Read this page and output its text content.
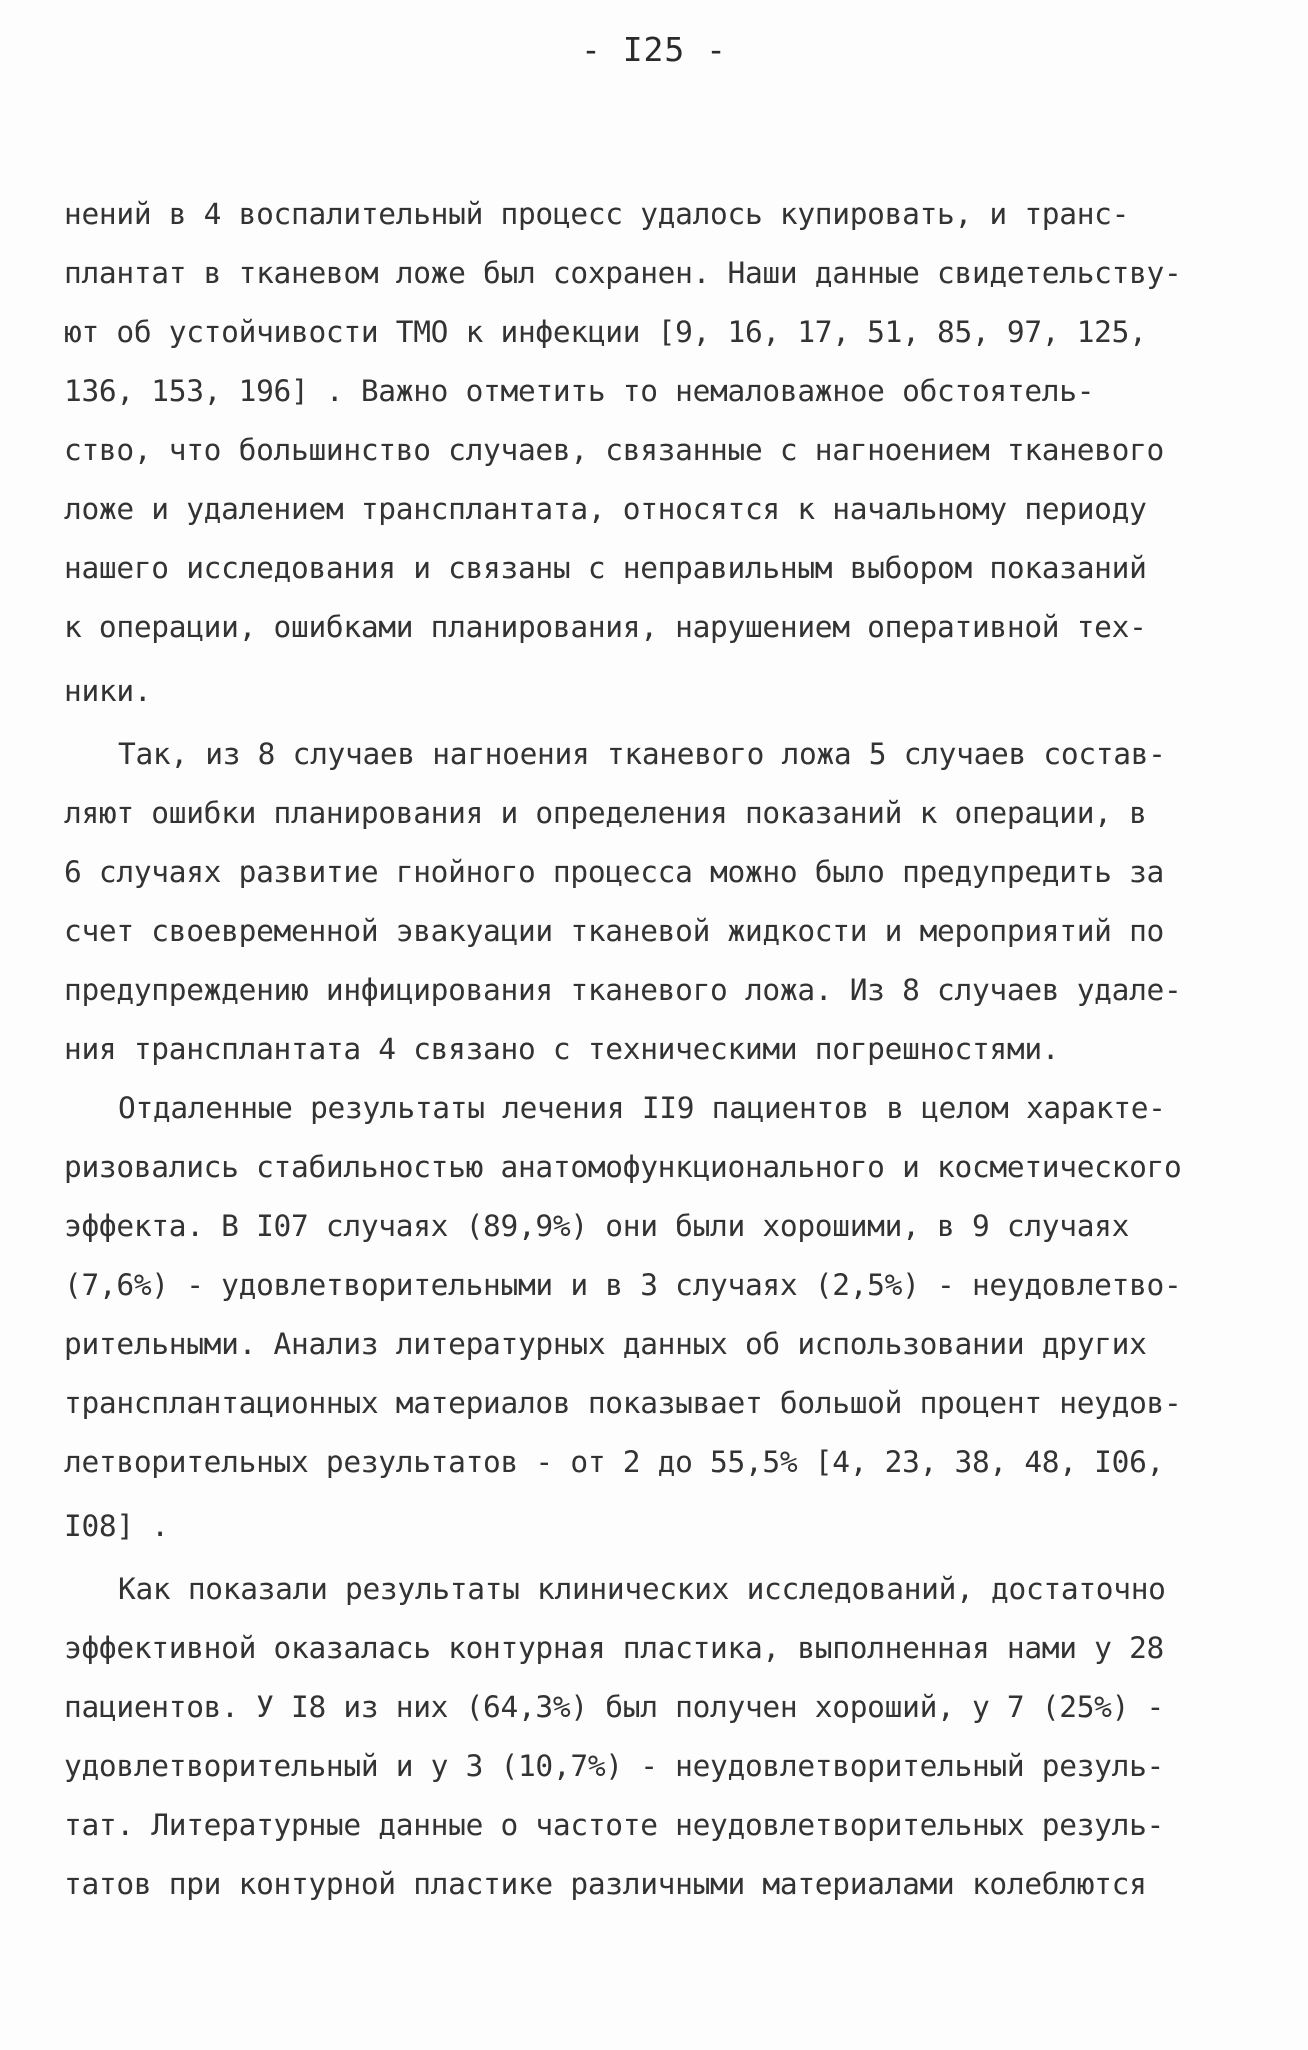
- I25 -
нений в 4 воспалительный процесс удалось купировать, и транс-
плантат в тканевом ложе был сохранен. Наши данные свидетельству-
ют об устойчивости ТМО к инфекции [9, 16, 17, 51, 85, 97, 125,
136, 153, 196] . Важно отметить то немаловажное обстоятель-
ство, что большинство случаев, связанные с нагноением тканевого
ложе и удалением трансплантата, относятся к начальному периоду
нашего исследования и связаны с неправильным выбором показаний
к операции, ошибками планирования, нарушением оперативной тех-
ники.
Так, из 8 случаев нагноения тканевого ложа 5 случаев состав-
ляют ошибки планирования и определения показаний к операции, в
6 случаях развитие гнойного процесса можно было предупредить за
счет своевременной эвакуации тканевой жидкости и мероприятий по
предупреждению инфицирования тканевого ложа. Из 8 случаев удале-
ния трансплантата 4 связано с техническими погрешностями.
Отдаленные результаты лечения II9 пациентов в целом характе-
ризовались стабильностью анатомофункционального и косметического
эффекта. В I07 случаях (89,9%) они были хорошими, в 9 случаях
(7,6%) - удовлетворительными и в 3 случаях (2,5%) - неудовлетво-
рительными. Анализ литературных данных об использовании других
трансплантационных материалов показывает большой процент неудов-
летворительных результатов - от 2 до 55,5% [4, 23, 38, 48, I06,
I08] .
Как показали результаты клинических исследований, достаточно
эффективной оказалась контурная пластика, выполненная нами у 28
пациентов. У I8 из них (64,3%) был получен хороший, у 7 (25%) -
удовлетворительный и у 3 (10,7%) - неудовлетворительный резуль-
тат. Литературные данные о частоте неудовлетворительных резуль-
татов при контурной пластике различными материалами колеблются
